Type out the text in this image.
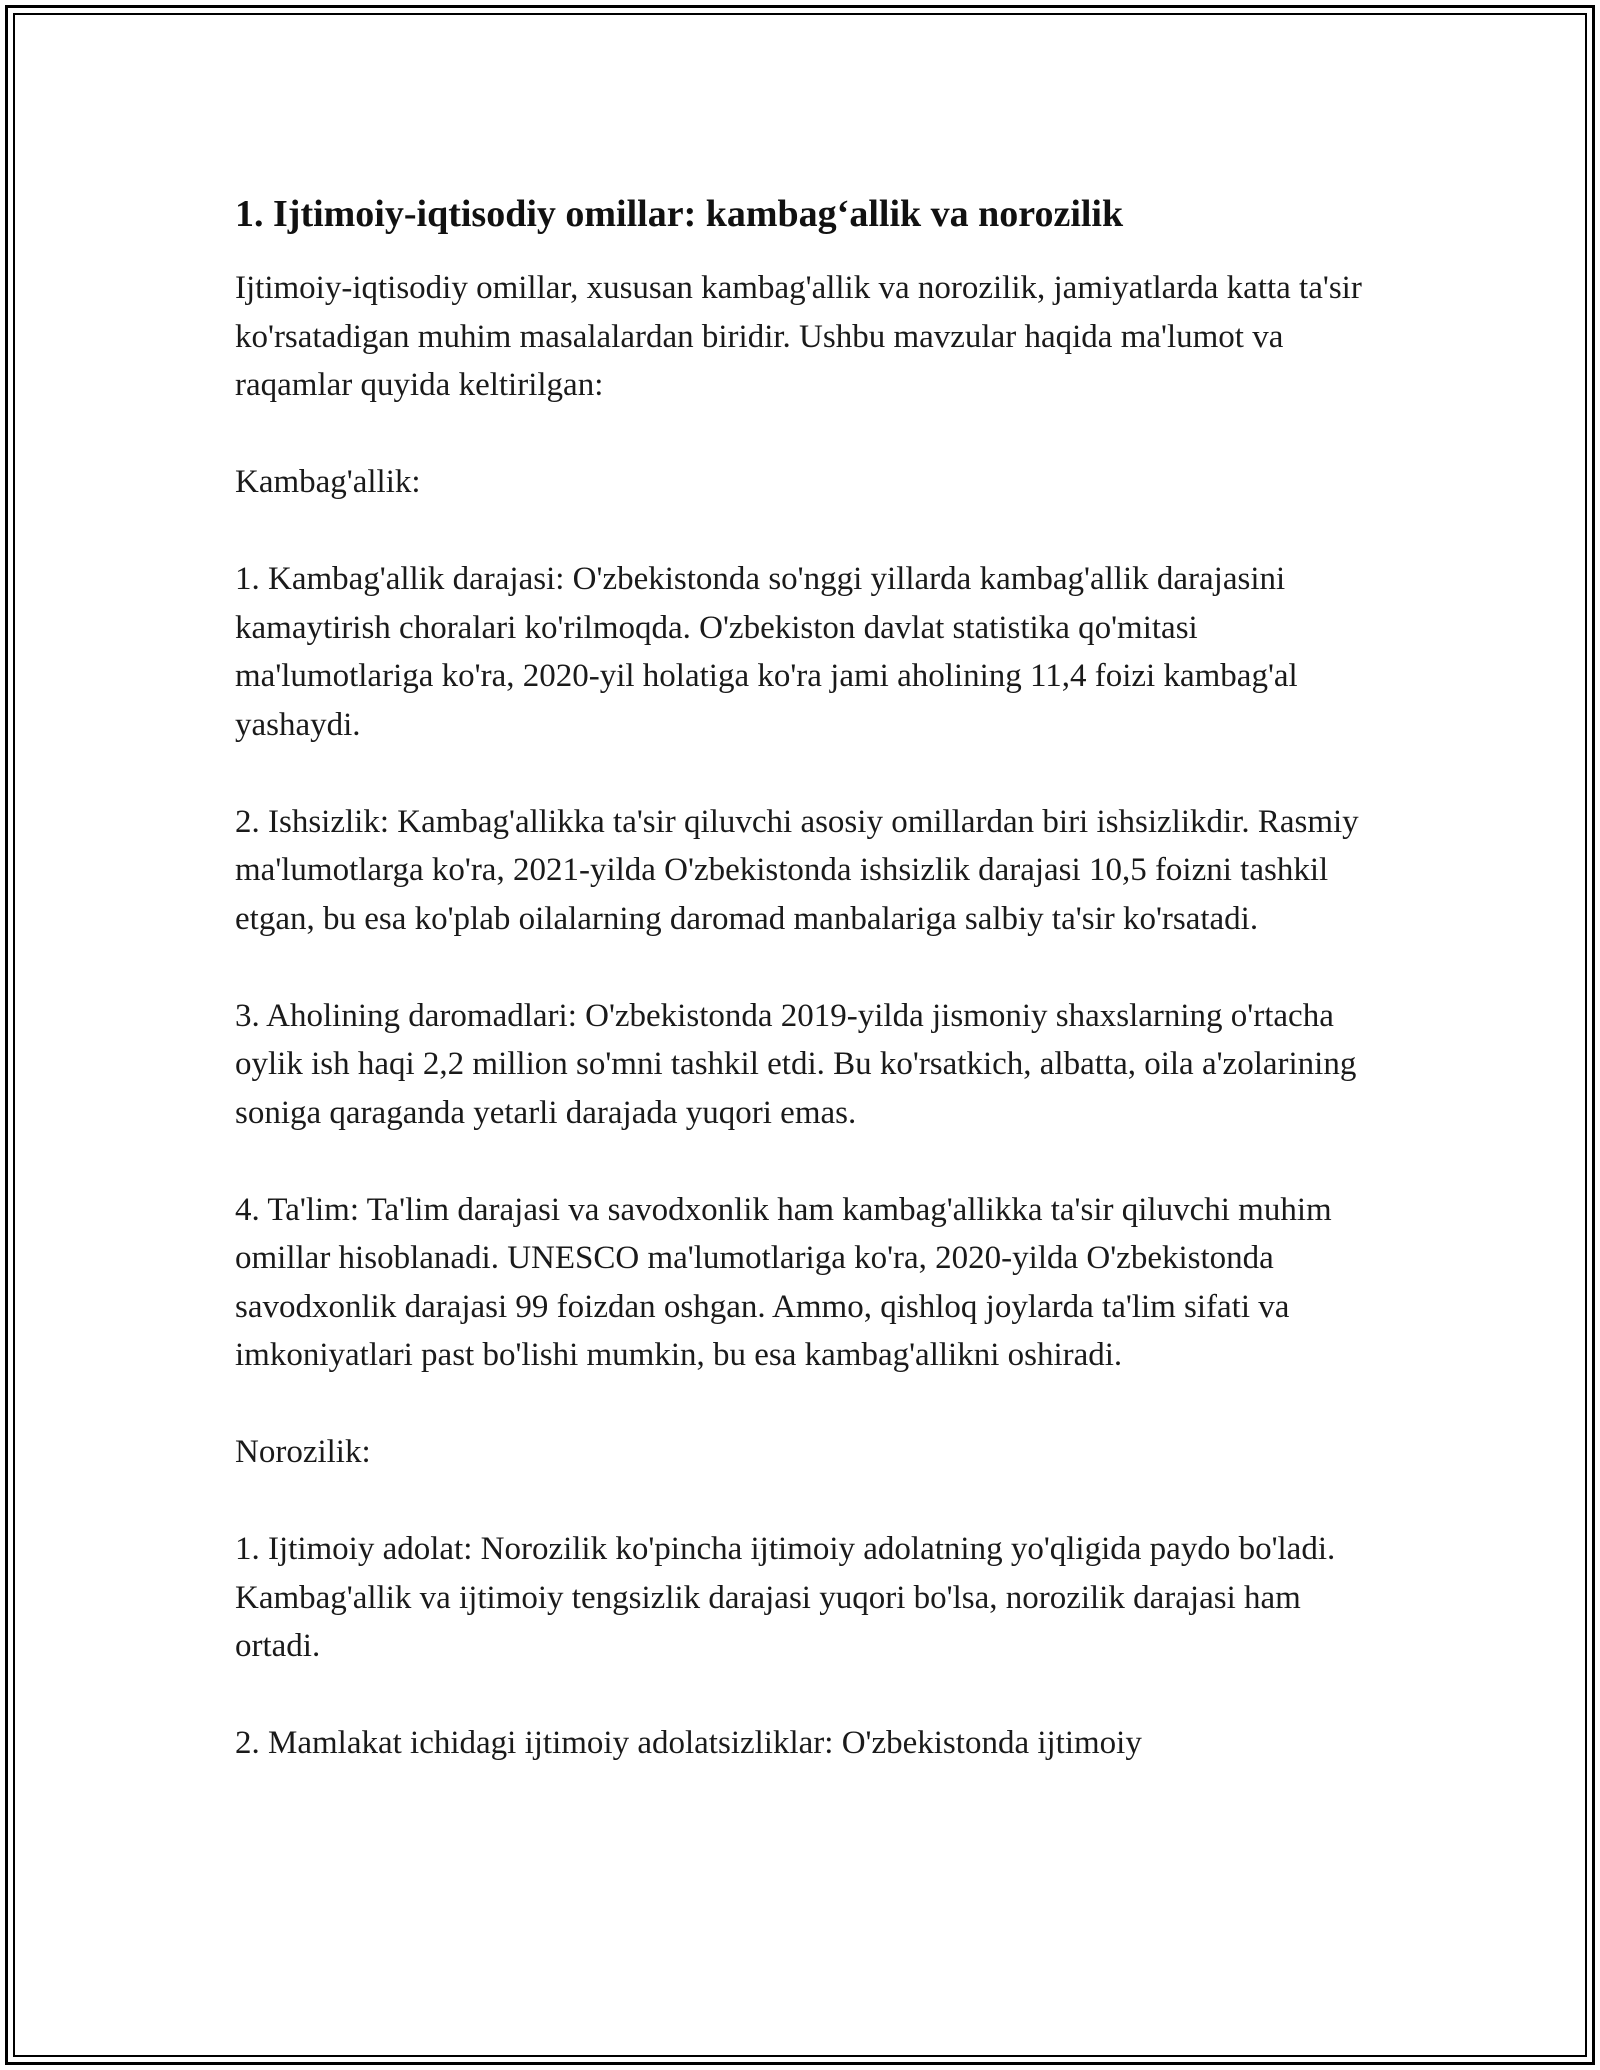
1. Ijtimoiy-iqtisodiy omillar: kambag‘allik va norozilik

Ijtimoiy-iqtisodiy omillar, xususan kambag'allik va norozilik, jamiyatlarda katta ta'sir ko'rsatadigan muhim masalalardan biridir. Ushbu mavzular haqida ma'lumot va raqamlar quyida keltirilgan:

Kambag'allik:

1. Kambag'allik darajasi: O'zbekistonda so'nggi yillarda kambag'allik darajasini kamaytirish choralari ko'rilmoqda. O'zbekiston davlat statistika qo'mitasi ma'lumotlariga ko'ra, 2020-yil holatiga ko'ra jami aholining 11,4 foizi kambag'al yashaydi.

2. Ishsizlik: Kambag'allikka ta'sir qiluvchi asosiy omillardan biri ishsizlikdir. Rasmiy ma'lumotlarga ko'ra, 2021-yilda O'zbekistonda ishsizlik darajasi 10,5 foizni tashkil etgan, bu esa ko'plab oilalarning daromad manbalariga salbiy ta'sir ko'rsatadi.

3. Aholining daromadlari: O'zbekistonda 2019-yilda jismoniy shaxslarning o'rtacha oylik ish haqi 2,2 million so'mni tashkil etdi. Bu ko'rsatkich, albatta, oila a'zolarining soniga qaraganda yetarli darajada yuqori emas.

4. Ta'lim: Ta'lim darajasi va savodxonlik ham kambag'allikka ta'sir qiluvchi muhim omillar hisoblanadi. UNESCO ma'lumotlariga ko'ra, 2020-yilda O'zbekistonda savodxonlik darajasi 99 foizdan oshgan. Ammo, qishloq joylarda ta'lim sifati va imkoniyatlari past bo'lishi mumkin, bu esa kambag'allikni oshiradi.

Norozilik:

1. Ijtimoiy adolat: Norozilik ko'pincha ijtimoiy adolatning yo'qligida paydo bo'ladi. Kambag'allik va ijtimoiy tengsizlik darajasi yuqori bo'lsa, norozilik darajasi ham ortadi.

2. Mamlakat ichidagi ijtimoiy adolatsizliklar: O'zbekistonda ijtimoiy
